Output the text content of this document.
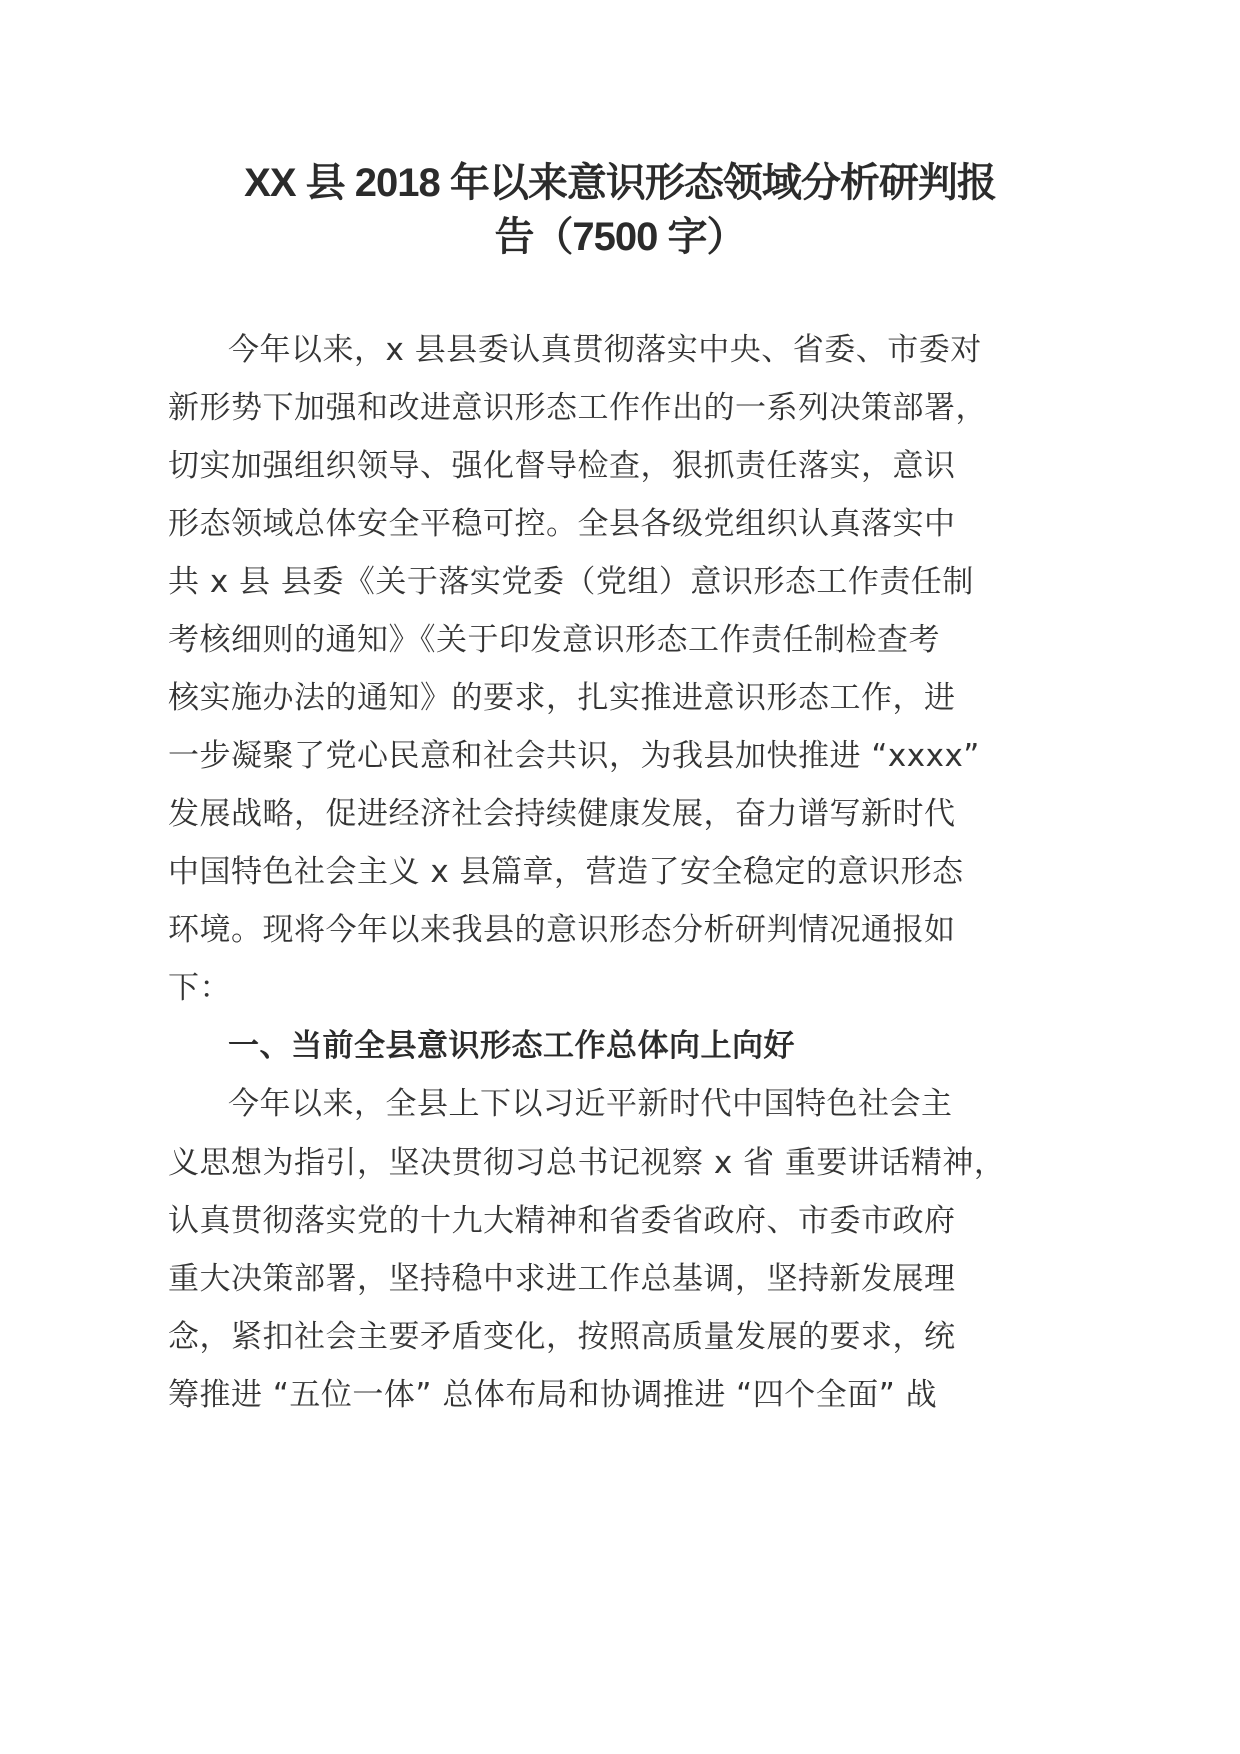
XX 县 2018 年以来意识形态领域分析研判报
告（7500 字）
今年以来，x 县县委认真贯彻落实中央、省委、市委对
新形势下加强和改进意识形态工作作出的一系列决策部署，
切实加强组织领导、强化督导检查，狠抓责任落实，意识
形态领域总体安全平稳可控。全县各级党组织认真落实中
共 x 县 县委《关于落实党委（党组）意识形态工作责任制
考核细则的通知》《关于印发意识形态工作责任制检查考
核实施办法的通知》的要求，扎实推进意识形态工作，进
一步凝聚了党心民意和社会共识，为我县加快推进 “xxxx”
发展战略，促进经济社会持续健康发展，奋力谱写新时代
中国特色社会主义 x 县篇章，营造了安全稳定的意识形态
环境。现将今年以来我县的意识形态分析研判情况通报如
下：
一、当前全县意识形态工作总体向上向好
今年以来，全县上下以习近平新时代中国特色社会主
义思想为指引，坚决贯彻习总书记视察 x 省 重要讲话精神，
认真贯彻落实党的十九大精神和省委省政府、市委市政府
重大决策部署，坚持稳中求进工作总基调，坚持新发展理
念，紧扣社会主要矛盾变化，按照高质量发展的要求，统
筹推进 “五位一体” 总体布局和协调推进 “四个全面” 战
